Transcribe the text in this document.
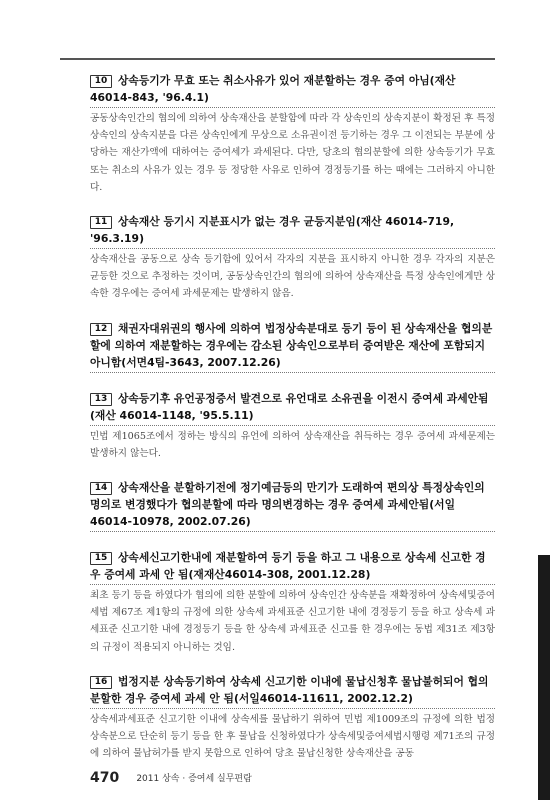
10 상속등기가 무효 또는 취소사유가 있어 재분할하는 경우 증여 아님(재산46014-843, '96.4.1)
공동상속인간의 협의에 의하여 상속재산을 분할함에 따라 각 상속인의 상속지분이 확정된 후 특정상속인의 상속지분을 다른 상속인에게 무상으로 소유권이전 등기하는 경우 그 이전되는 부분에 상당하는 재산가액에 대하여는 증여세가 과세된다. 다만, 당초의 협의분할에 의한 상속등기가 무효 또는 취소의 사유가 있는 경우 등 정당한 사유로 인하여 경정등기를 하는 때에는 그러하지 아니한다.
11 상속재산 등기시 지분표시가 없는 경우 균등지분임(재산 46014-719, '96.3.19)
상속재산을 공동으로 상속 등기함에 있어서 각자의 지분을 표시하지 아니한 경우 각자의 지분은 균등한 것으로 추정하는 것이며, 공동상속인간의 협의에 의하여 상속재산을 특정 상속인에게만 상속한 경우에는 증여세 과세문제는 발생하지 않음.
12 채권자대위권의 행사에 의하여 법정상속분대로 등기 등이 된 상속재산을 협의분할에 의하여 재분할하는 경우에는 감소된 상속인으로부터 증여받은 재산에 포함되지 아니함(서면4팀-3643, 2007.12.26)
13 상속등기후 유언공정증서 발견으로 유언대로 소유권을 이전시 증여세 과세안됨(재산 46014-1148, '95.5.11)
민법 제1065조에서 정하는 방식의 유언에 의하여 상속재산을 취득하는 경우 증여세 과세문제는 발생하지 않는다.
14 상속재산을 분할하기전에 정기예금등의 만기가 도래하여 편의상 특정상속인의 명의로 변경했다가 협의분할에 따라 명의변경하는 경우 증여세 과세안됨(서일46014-10978, 2002.07.26)
15 상속세신고기한내에 재분할하여 등기 등을 하고 그 내용으로 상속세 신고한 경우 증여세 과세 안 됨(재재산46014-308, 2001.12.28)
최초 등기 등을 하였다가 협의에 의한 분할에 의하여 상속인간 상속분을 재확정하여 상속세및증여세법 제67조 제1항의 규정에 의한 상속세 과세표준 신고기한 내에 경정등기 등을 하고 상속세 과세표준 신고기한 내에 경정등기 등을 한 상속세 과세표준 신고를 한 경우에는 동법 제31조 제3항의 규정이 적용되지 아니하는 것임.
16 법정지분 상속등기하여 상속세 신고기한 이내에 물납신청후 물납불허되어 협의분할한 경우 증여세 과세 안 됨(서일46014-11611, 2002.12.2)
상속세과세표준 신고기한 이내에 상속세를 물납하기 위하여 민법 제1009조의 규정에 의한 법정상속분으로 단순히 등기 등을 한 후 물납을 신청하였다가 상속세및증여세법시행령 제71조의 규정에 의하여 물납허가를 받지 못함으로 인하여 당초 물납신청한 상속재산을 공동
470 2011 상속 · 증여세 실무편람
